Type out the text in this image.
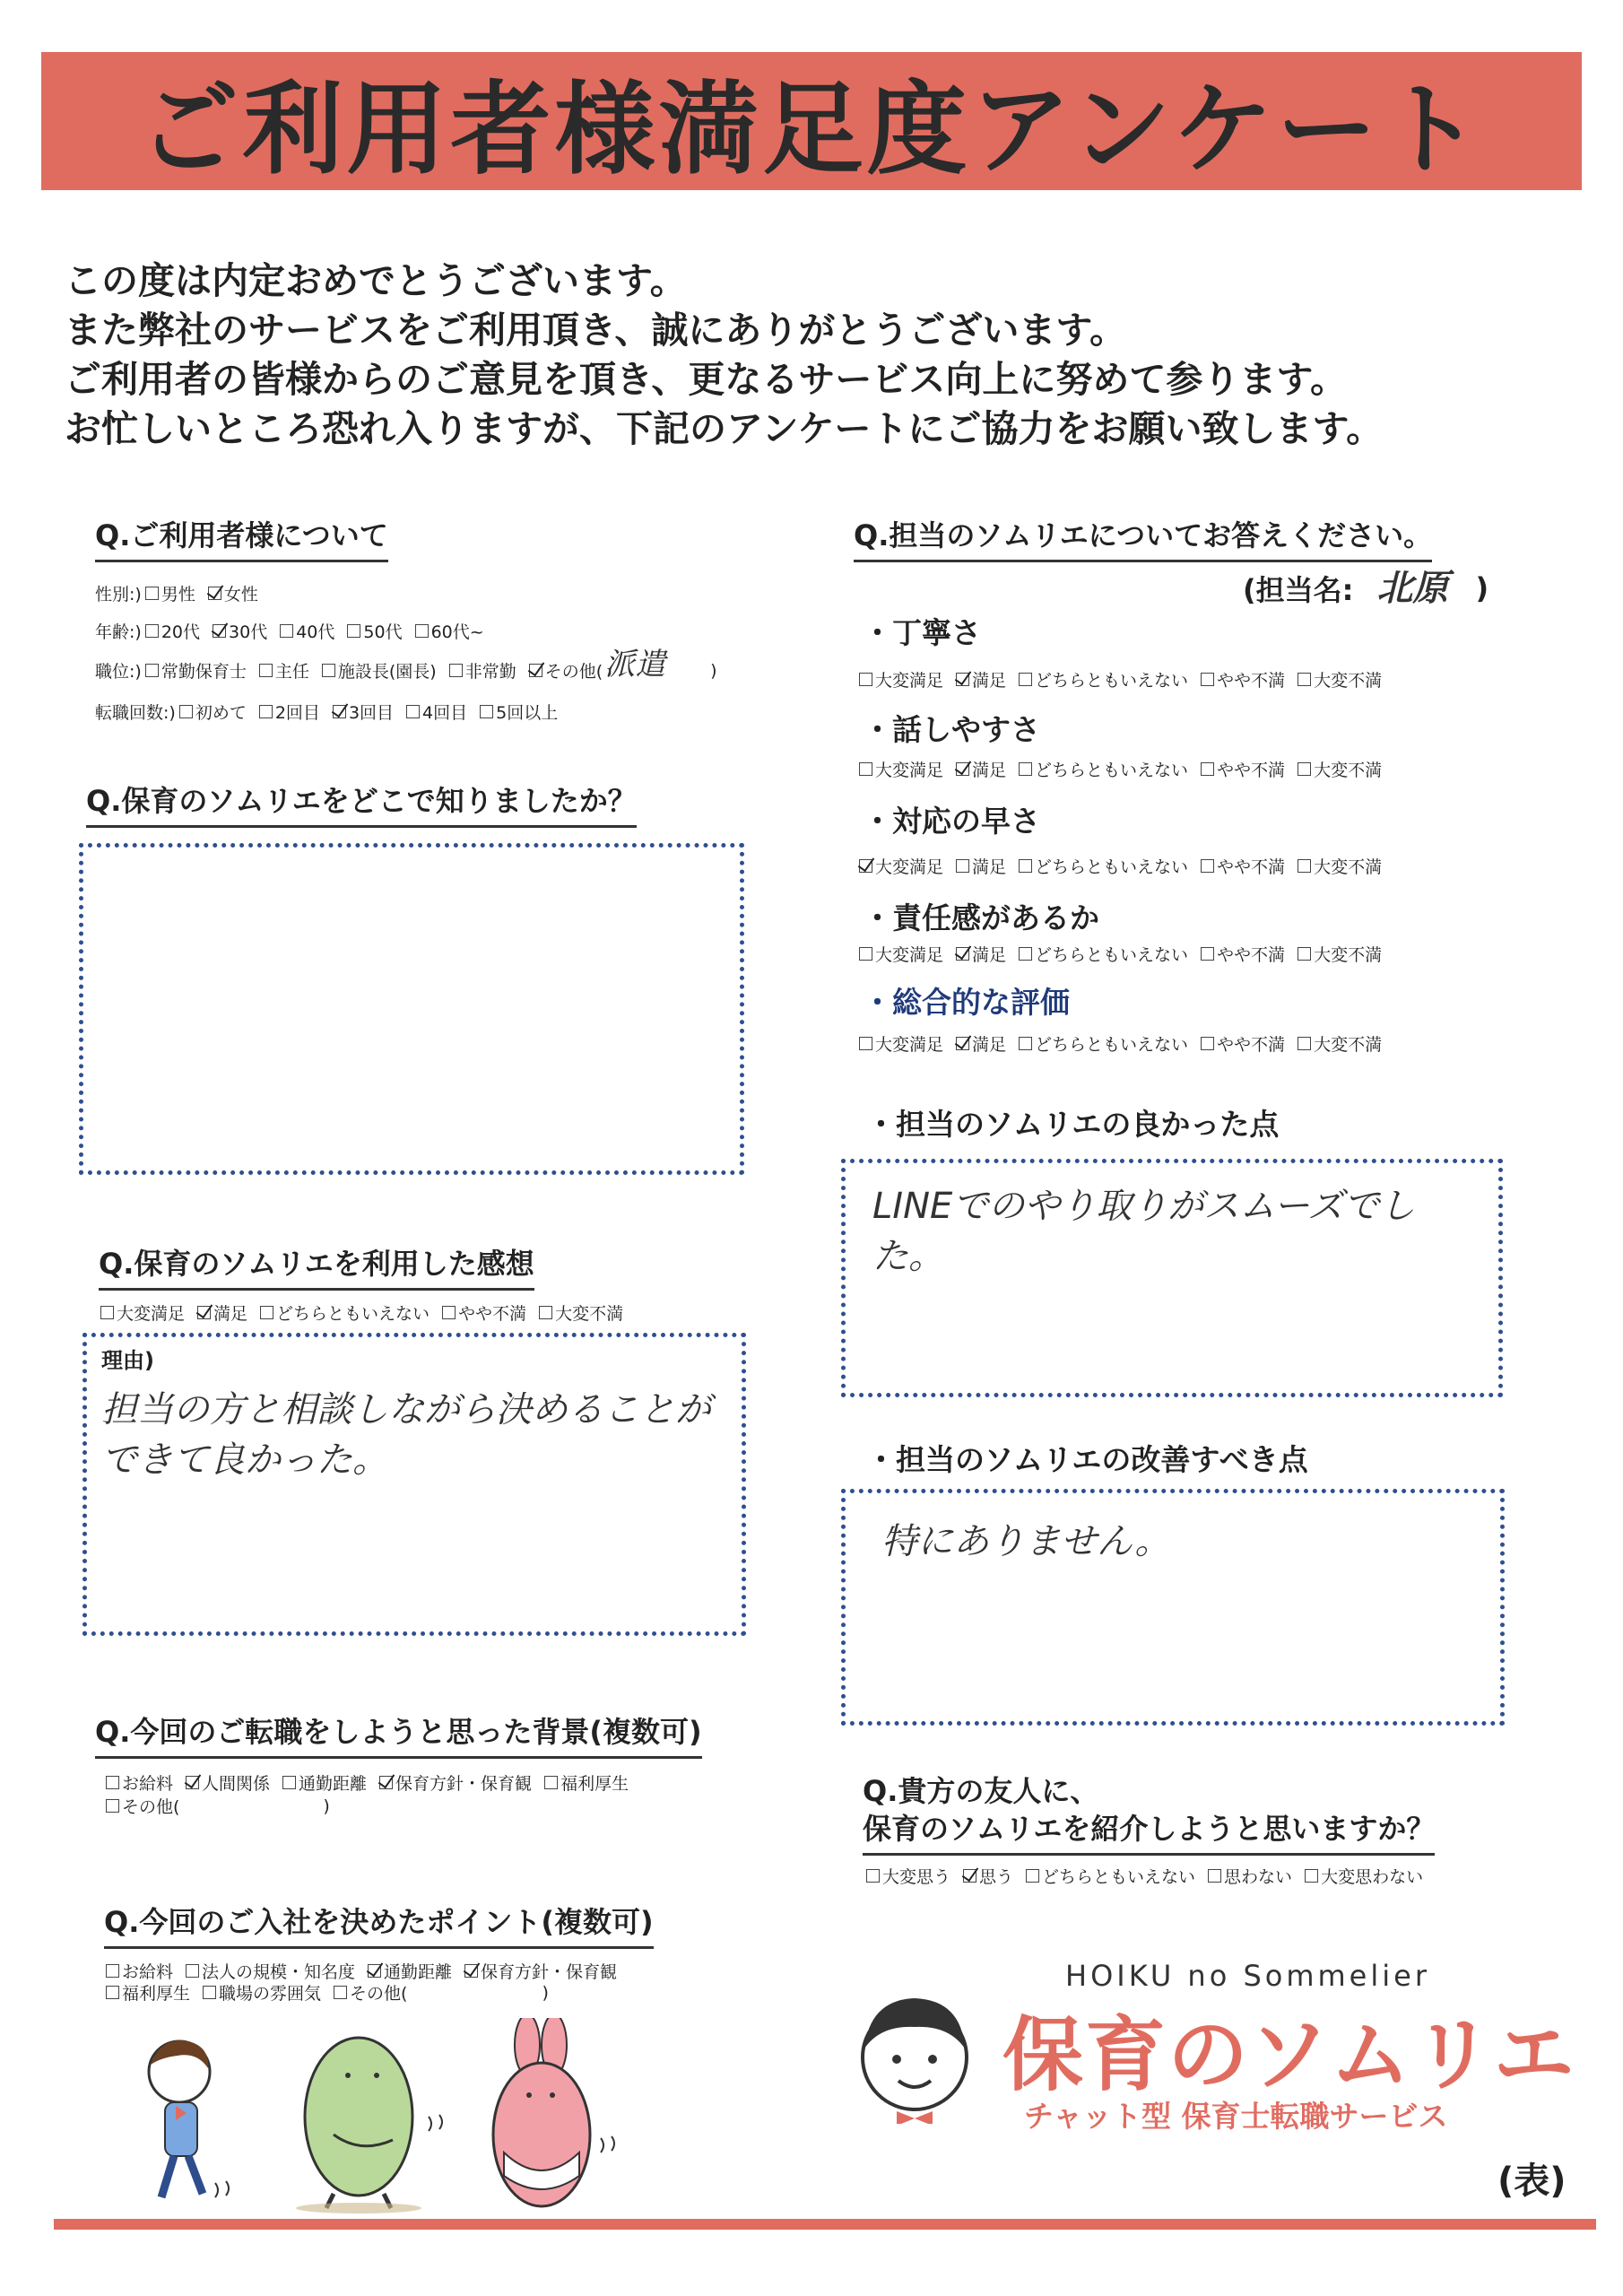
ご利用者様満足度アンケート
この度は内定おめでとうございます。
また弊社のサービスをご利用頂き、誠にありがとうございます。
ご利用者の皆様からのご意見を頂き、更なるサービス向上に努めて参ります。
お忙しいところ恐れ入りますが、下記のアンケートにご協力をお願い致します。
Q.ご利用者様について
性別:) 男性 女性
年齢:) 20代 30代 40代 50代 60代~
職位:) 常勤保育士 主任 施設長(園長) 非常勤 その他( 派遣	)
転職回数:) 初めて 2回目 3回目 4回目 5回以上
Q.保育のソムリエをどこで知りましたか？
Q.保育のソムリエを利用した感想
大変満足 満足 どちらともいえない やや不満 大変不満
理由)
担当の方と相談しながら決めることが
できて良かった。
Q.今回のご転職をしようと思った背景(複数可)
お給料 人間関係 通勤距離 保育方針・保育観 福利厚生
その他(	)
Q.今回のご入社を決めたポイント(複数可)
お給料 法人の規模・知名度 通勤距離 保育方針・保育観
福利厚生 職場の雰囲気 その他(	)
Q.担当のソムリエについてお答えください。
(担当名: 北原 )
・丁寧さ
大変満足 満足 どちらともいえない やや不満 大変不満
・話しやすさ
大変満足 満足 どちらともいえない やや不満 大変不満
・対応の早さ
大変満足 満足 どちらともいえない やや不満 大変不満
・責任感があるか
大変満足 満足 どちらともいえない やや不満 大変不満
・総合的な評価
大変満足 満足 どちらともいえない やや不満 大変不満
・担当のソムリエの良かった点
LINEでのやり取りがスムーズでした。
・担当のソムリエの改善すべき点
特にありません。
Q.貴方の友人に、
保育のソムリエを紹介しようと思いますか？
大変思う 思う どちらともいえない 思わない 大変思わない
HOIKU no Sommelier
保育のソムリエ
チャット型 保育士転職サービス
(表)
